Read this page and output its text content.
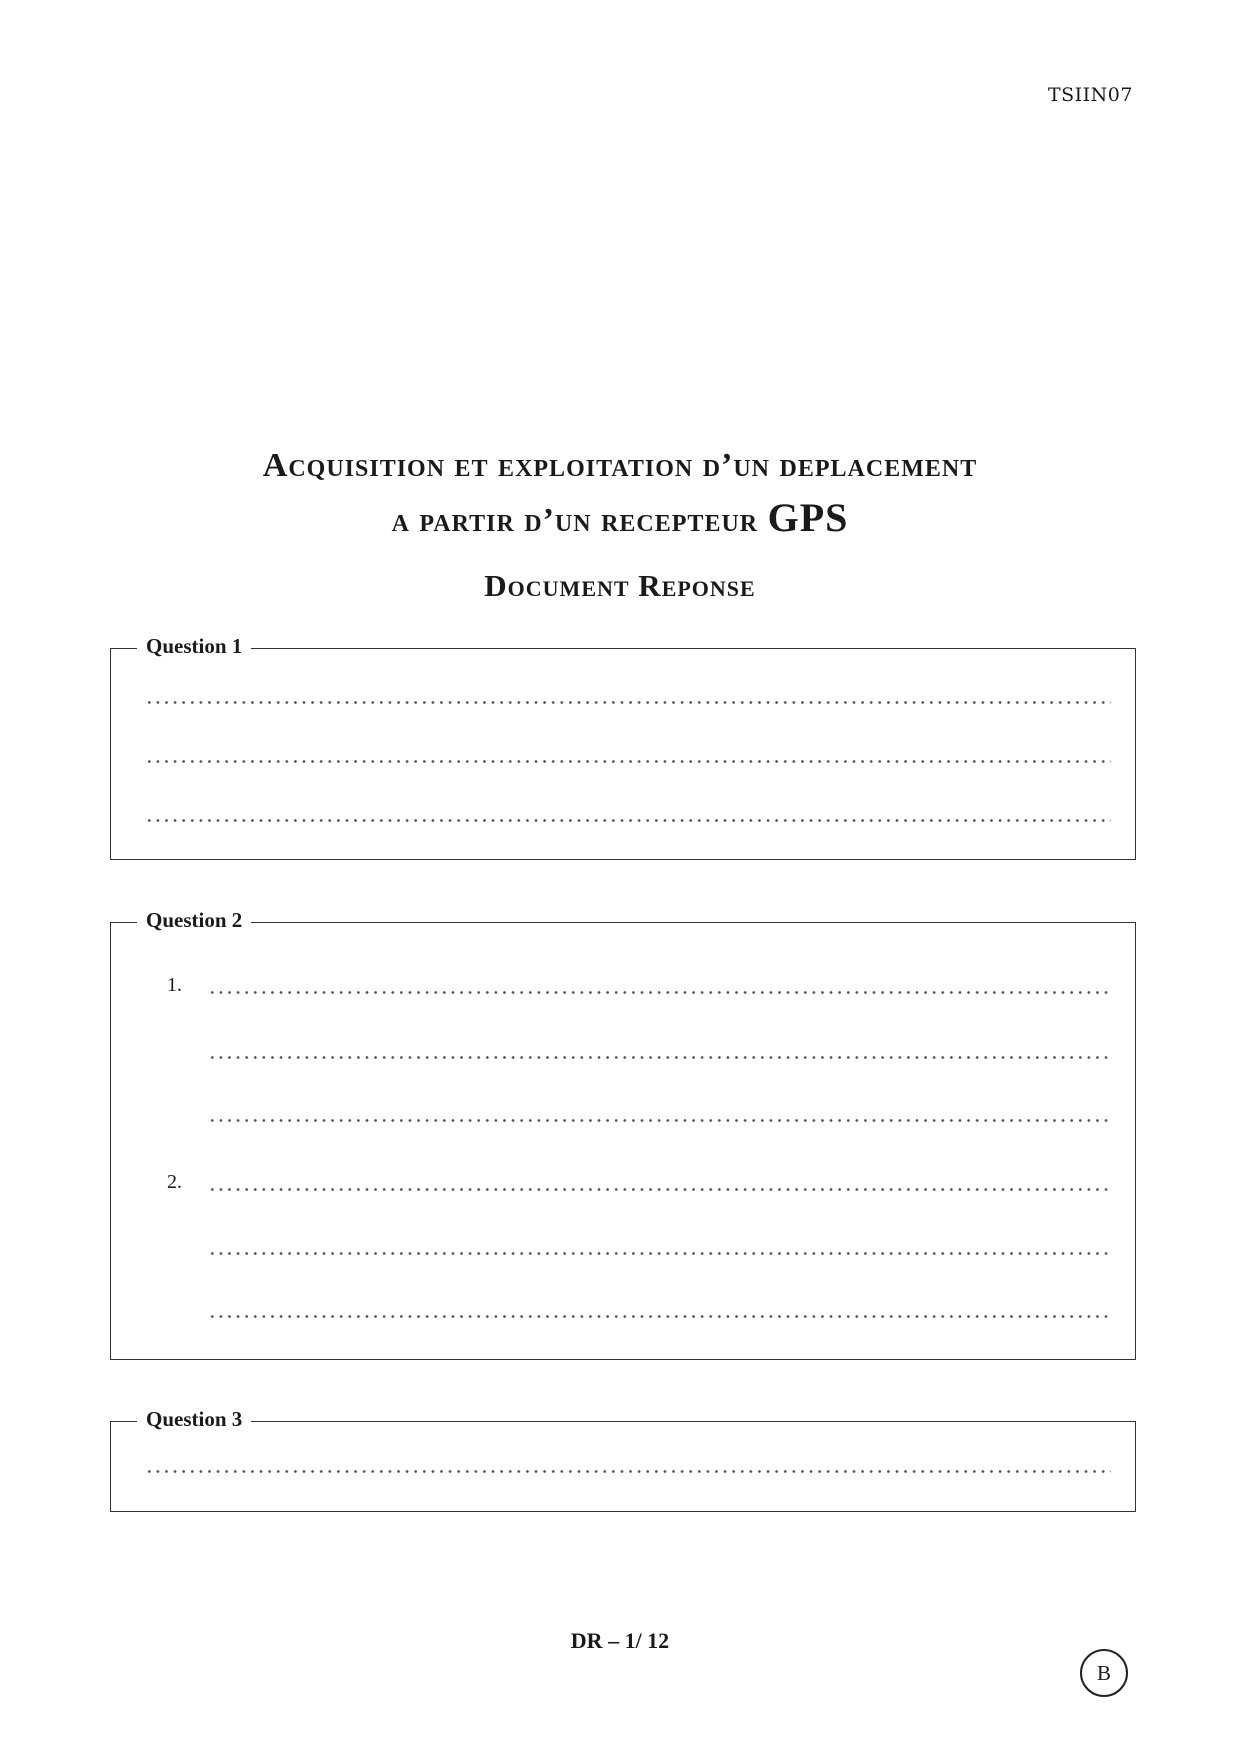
TSIIN07
Acquisition et exploitation d’un deplacement
a partir d’un recepteur GPS
Document Reponse
Question 1
Question 2
1.
2.
Question 3
DR – 1/ 12
B
